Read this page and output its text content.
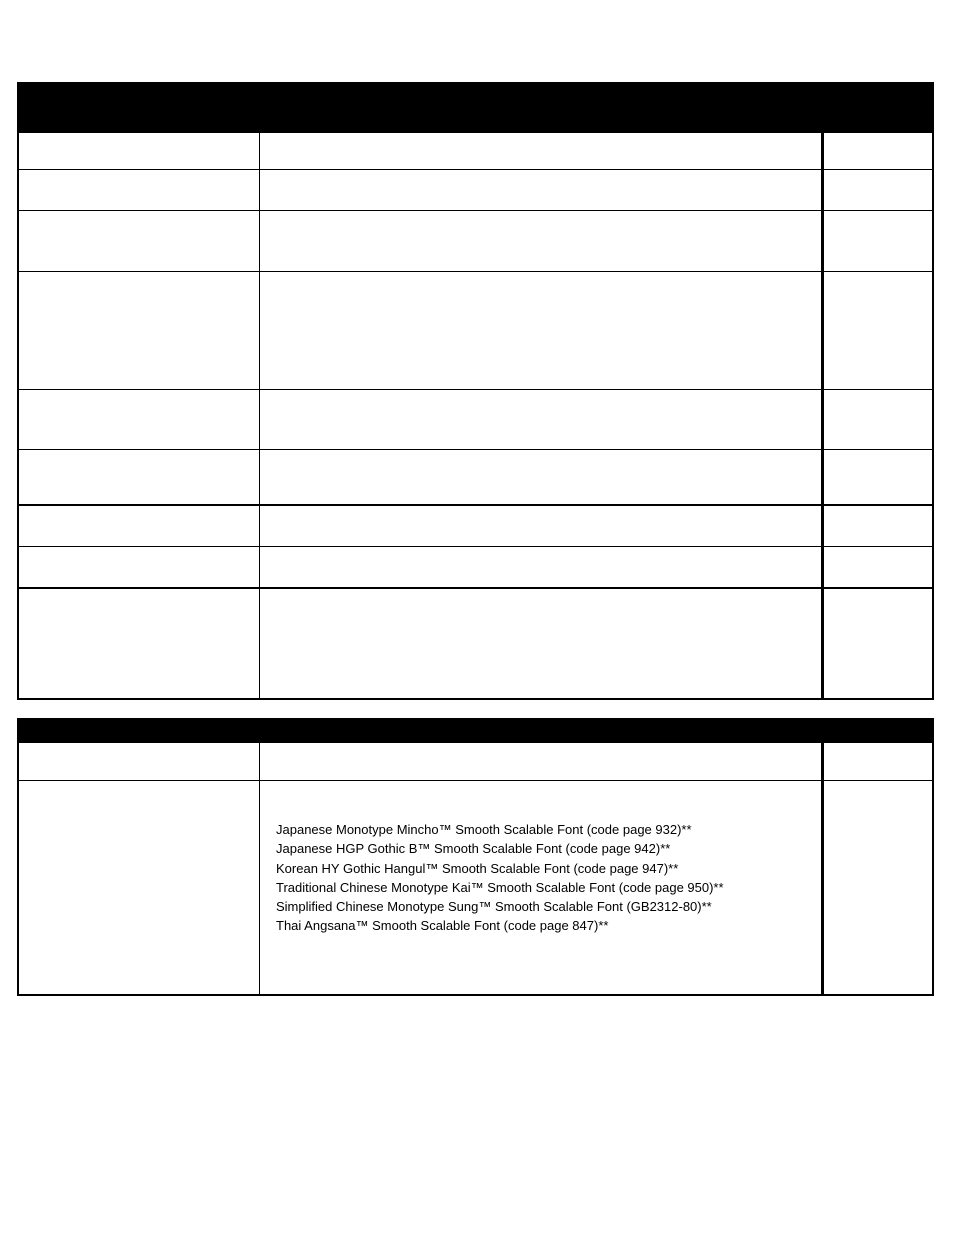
Japanese Monotype Mincho™ Smooth Scalable Font (code page 932)**
Japanese HGP Gothic B™ Smooth Scalable Font (code page 942)**
Korean HY Gothic Hangul™ Smooth Scalable Font (code page 947)**
Traditional Chinese Monotype Kai™ Smooth Scalable Font (code page 950)**
Simplified Chinese Monotype Sung™ Smooth Scalable Font (GB2312-80)**
Thai Angsana™ Smooth Scalable Font (code page 847)**
